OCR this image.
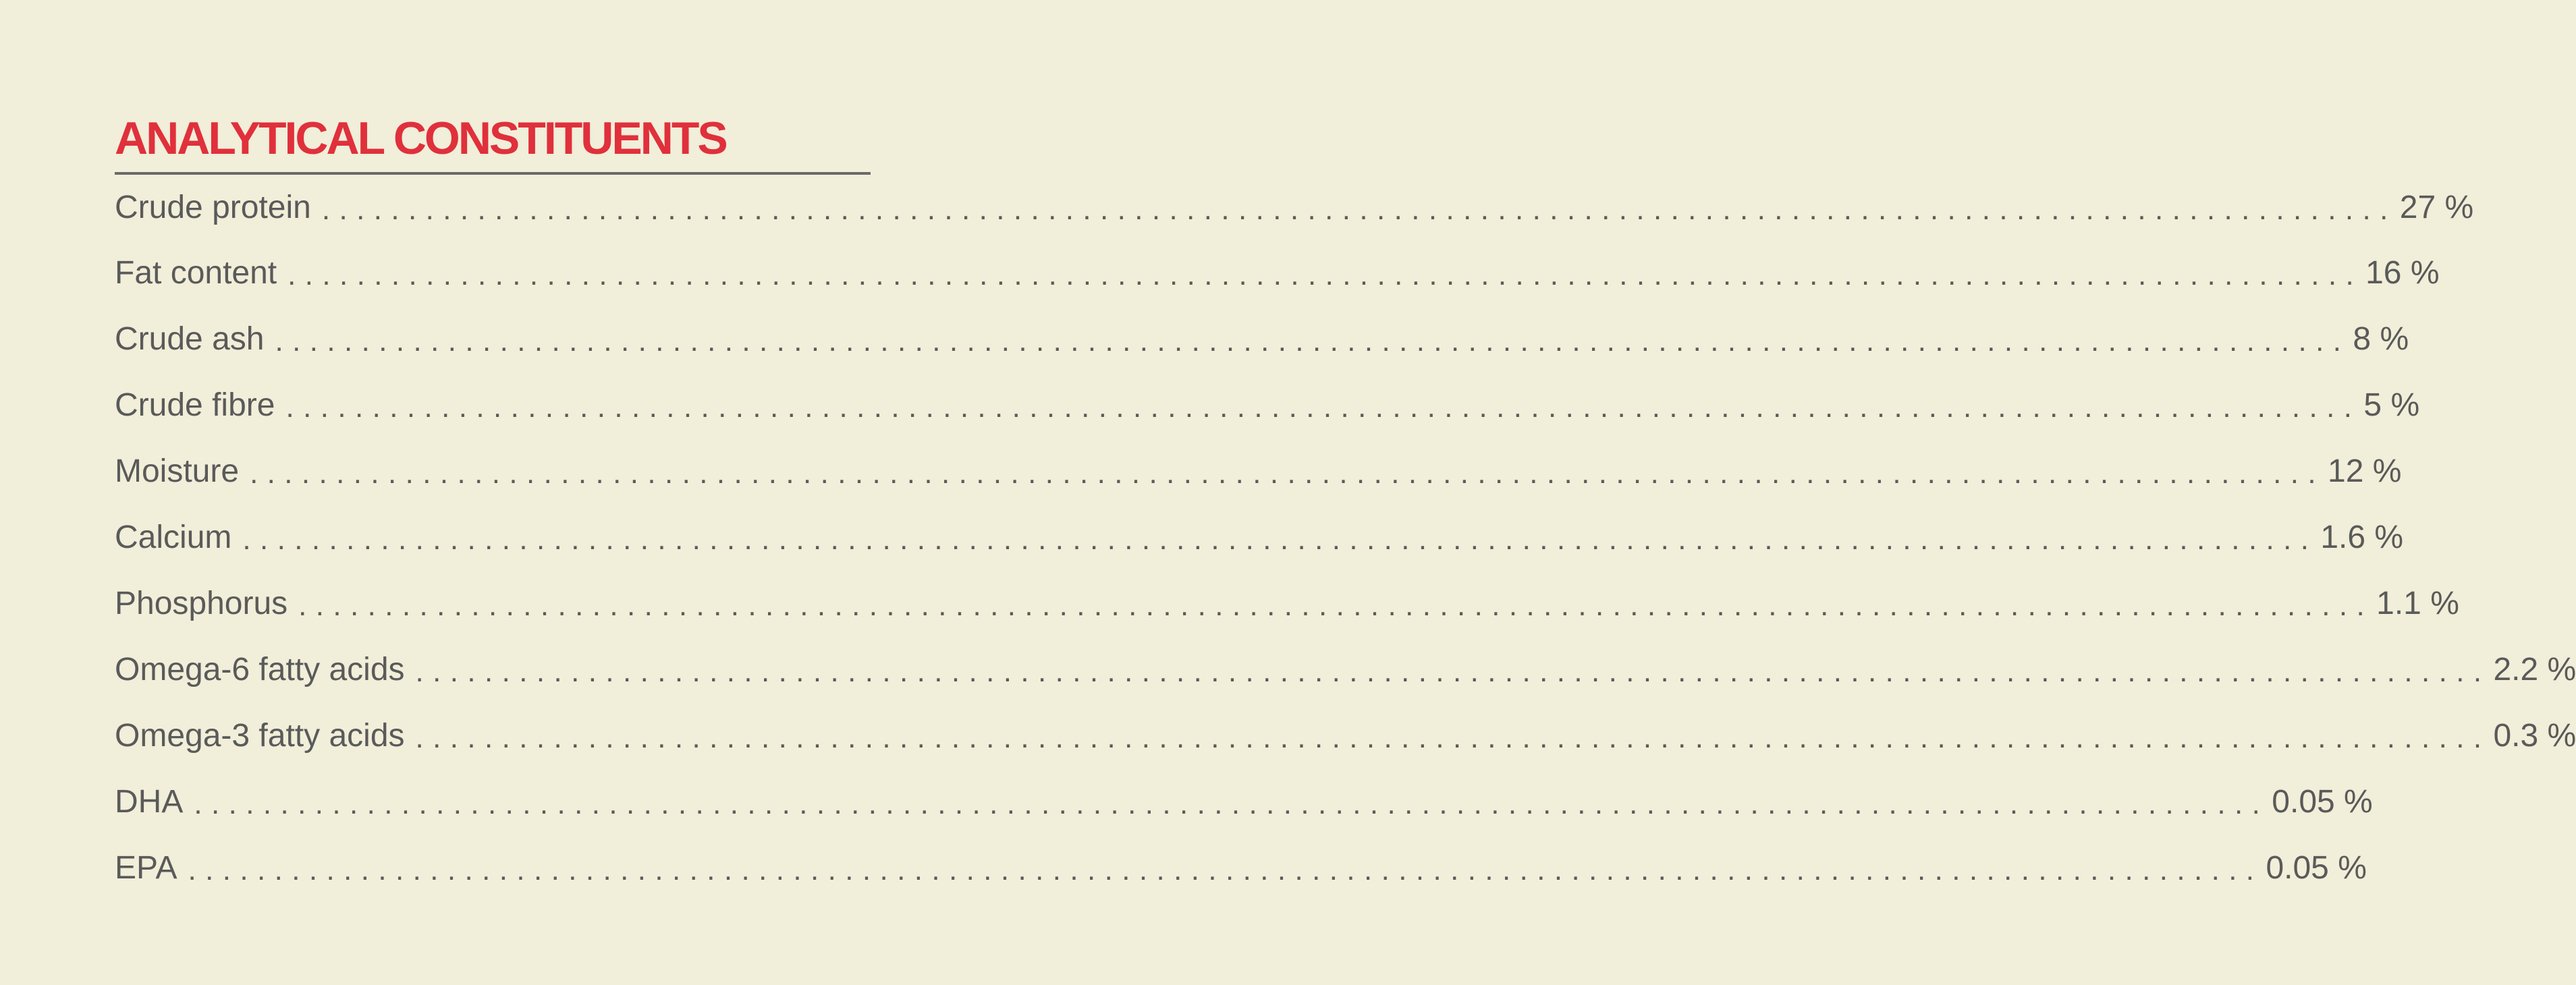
ANALYTICAL CONSTITUENTS
Crude protein ........................................................................................................................ 27 %
Fat content ........................................................................................................................ 16 %
Crude ash ........................................................................................................................ 8 %
Crude fibre ........................................................................................................................ 5 %
Moisture ........................................................................................................................ 12 %
Calcium ........................................................................................................................ 1.6 %
Phosphorus ........................................................................................................................ 1.1 %
Omega-6 fatty acids ........................................................................................................................ 2.2 %
Omega-3 fatty acids ........................................................................................................................ 0.3 %
DHA ........................................................................................................................ 0.05 %
EPA ........................................................................................................................ 0.05 %
